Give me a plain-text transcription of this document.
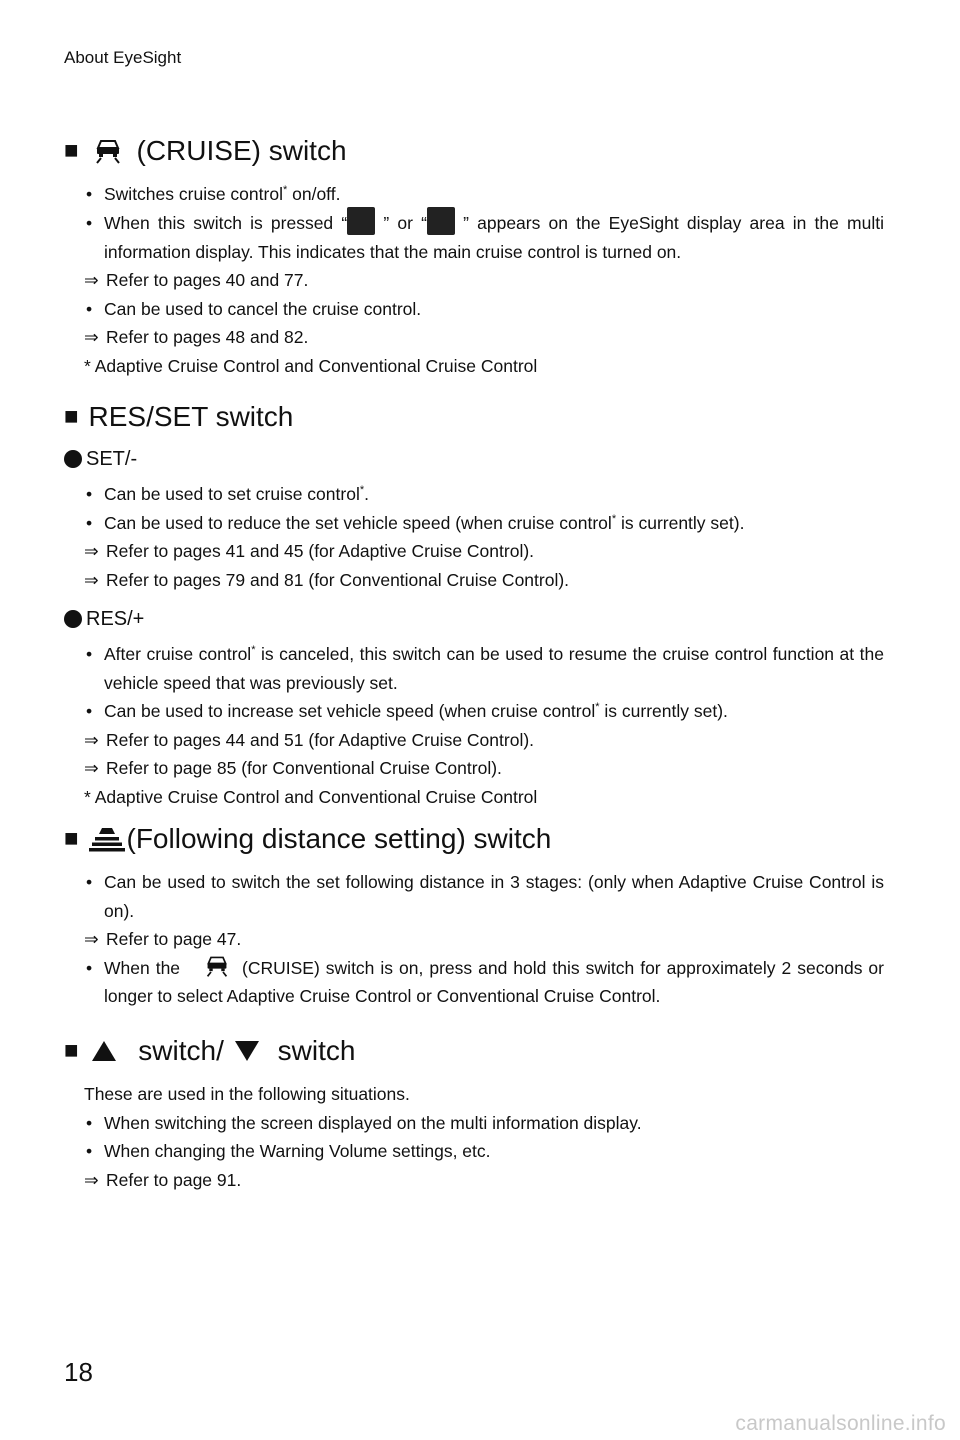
About EyeSight
■ (CRUISE) switch
• Switches cruise control* on/off.
• When this switch is pressed “ ” or “ ” appears on the EyeSight display area in the multi information display. This indicates that the main cruise control is turned on.
⇒ Refer to pages 40 and 77.
• Can be used to cancel the cruise control.
⇒ Refer to pages 48 and 82.
* Adaptive Cruise Control and Conventional Cruise Control
■ RES/SET switch
SET/-
• Can be used to set cruise control*.
• Can be used to reduce the set vehicle speed (when cruise control* is currently set).
⇒ Refer to pages 41 and 45 (for Adaptive Cruise Control).
⇒ Refer to pages 79 and 81 (for Conventional Cruise Control).
RES/+
• After cruise control* is canceled, this switch can be used to resume the cruise control function at the vehicle speed that was previously set.
• Can be used to increase set vehicle speed (when cruise control* is currently set).
⇒ Refer to pages 44 and 51 (for Adaptive Cruise Control).
⇒ Refer to page 85 (for Conventional Cruise Control).
* Adaptive Cruise Control and Conventional Cruise Control
■ (Following distance setting) switch
• Can be used to switch the set following distance in 3 stages: (only when Adaptive Cruise Control is on).
⇒ Refer to page 47.
• When the	(CRUISE) switch is on, press and hold this switch for approximately 2 seconds or longer to select Adaptive Cruise Control or Conventional Cruise Control.
■ switch/ switch
These are used in the following situations.
• When switching the screen displayed on the multi information display.
• When changing the Warning Volume settings, etc.
⇒ Refer to page 91.
18
carmanualsonline.info
